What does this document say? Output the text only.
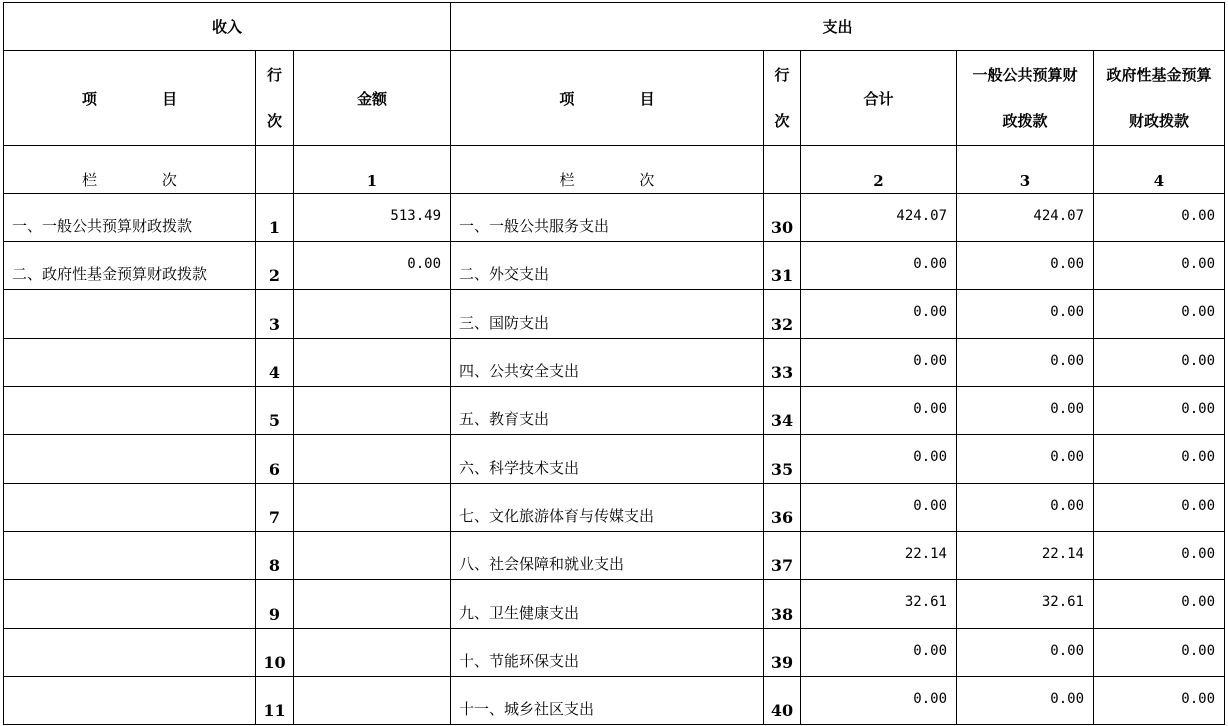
收入			支出				
项 目	行次	金额	项 目	行次	合计	一般公共预算财政拨款	政府性基金预算财政拨款

栏 次		1	栏 次		2	3	4
一、一般公共预算财政拨款	1	513.49	一、一般公共服务支出	30	424.07	424.07	0.00
二、政府性基金预算财政拨款	2	0.00	二、外交支出	31	0.00	0.00	0.00
	3		三、国防支出	32	0.00	0.00	0.00
	4		四、公共安全支出	33	0.00	0.00	0.00
	5		五、教育支出	34	0.00	0.00	0.00
	6		六、科学技术支出	35	0.00	0.00	0.00
	7		七、文化旅游体育与传媒支出	36	0.00	0.00	0.00
	8		八、社会保障和就业支出	37	22.14	22.14	0.00
	9		九、卫生健康支出	38	32.61	32.61	0.00
	10		十、节能环保支出	39	0.00	0.00	0.00
	11		十一、城乡社区支出	40	0.00	0.00	0.00
